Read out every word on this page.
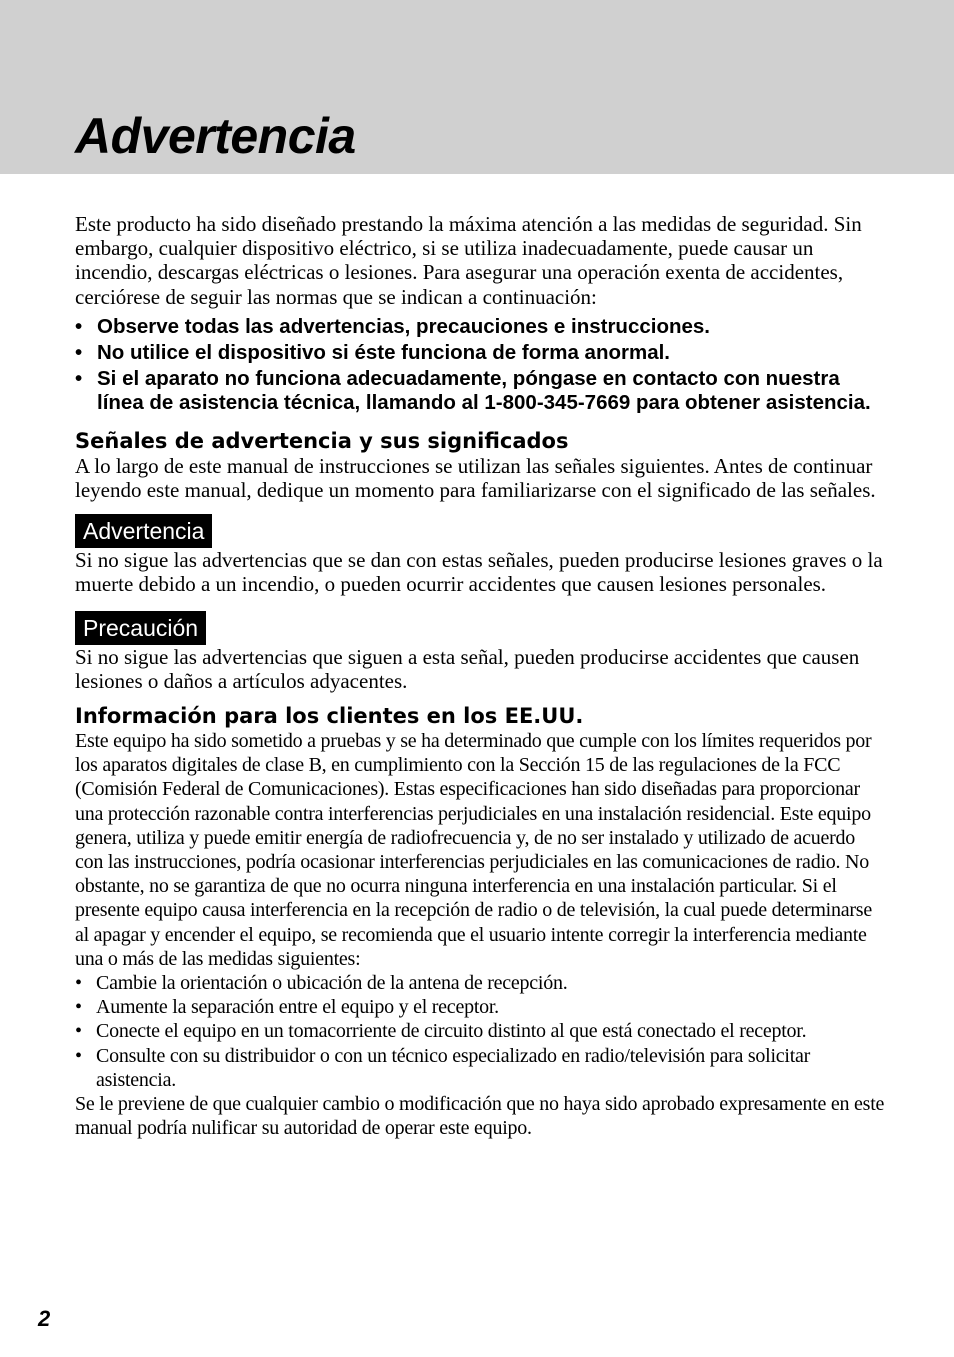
Advertencia

Este producto ha sido diseñado prestando la máxima atención a las medidas de seguridad. Sin embargo, cualquier dispositivo eléctrico, si se utiliza inadecuadamente, puede causar un incendio, descargas eléctricas o lesiones. Para asegurar una operación exenta de accidentes, cerciórese de seguir las normas que se indican a continuación:

• Observe todas las advertencias, precauciones e instrucciones.
• No utilice el dispositivo si éste funciona de forma anormal.
• Si el aparato no funciona adecuadamente, póngase en contacto con nuestra línea de asistencia técnica, llamando al 1-800-345-7669 para obtener asistencia.
Señales de advertencia y sus significados

A lo largo de este manual de instrucciones se utilizan las señales siguientes. Antes de continuar leyendo este manual, dedique un momento para familiarizarse con el significado de las señales.

Advertencia

Si no sigue las advertencias que se dan con estas señales, pueden producirse lesiones graves o la muerte debido a un incendio, o pueden ocurrir accidentes que causen lesiones personales.

Precaución

Si no sigue las advertencias que siguen a esta señal, pueden producirse accidentes que causen lesiones o daños a artículos adyacentes.

Información para los clientes en los EE.UU.

Este equipo ha sido sometido a pruebas y se ha determinado que cumple con los límites requeridos por los aparatos digitales de clase B, en cumplimiento con la Sección 15 de las regulaciones de la FCC (Comisión Federal de Comunicaciones). Estas especificaciones han sido diseñadas para proporcionar una protección razonable contra interferencias perjudiciales en una instalación residencial. Este equipo genera, utiliza y puede emitir energía de radiofrecuencia y, de no ser instalado y utilizado de acuerdo con las instrucciones, podría ocasionar interferencias perjudiciales en las comunicaciones de radio. No obstante, no se garantiza de que no ocurra ninguna interferencia en una instalación particular. Si el presente equipo causa interferencia en la recepción de radio o de televisión, la cual puede determinarse al apagar y encender el equipo, se recomienda que el usuario intente corregir la interferencia mediante una o más de las medidas siguientes:

• Cambie la orientación o ubicación de la antena de recepción.
• Aumente la separación entre el equipo y el receptor.
• Conecte el equipo en un tomacorriente de circuito distinto al que está conectado el receptor.
• Consulte con su distribuidor o con un técnico especializado en radio/televisión para solicitar asistencia.

Se le previene de que cualquier cambio o modificación que no haya sido aprobado expresamente en este manual podría nulificar su autoridad de operar este equipo.

2
